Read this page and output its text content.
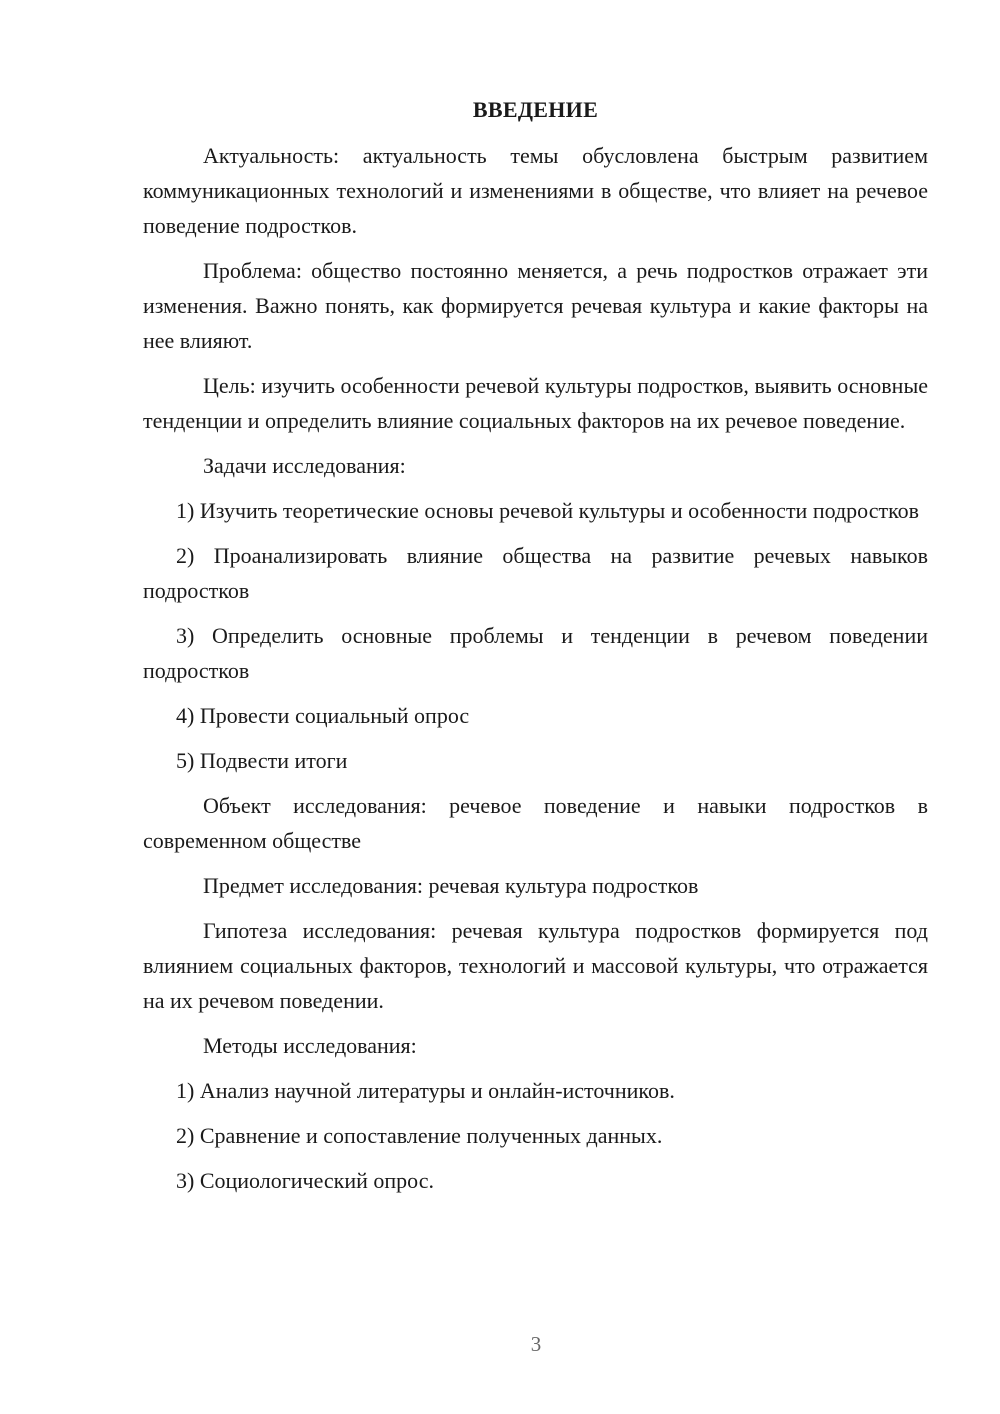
ВВЕДЕНИЕ

Актуальность: актуальность темы обусловлена быстрым развитием коммуникационных технологий и изменениями в обществе, что влияет на речевое поведение подростков.

Проблема: общество постоянно меняется, а речь подростков отражает эти изменения. Важно понять, как формируется речевая культура и какие факторы на нее влияют.

Цель: изучить особенности речевой культуры подростков, выявить основные тенденции и определить влияние социальных факторов на их речевое поведение.

Задачи исследования:

1) Изучить теоретические основы речевой культуры и особенности подростков

2) Проанализировать влияние общества на развитие речевых навыков подростков

3) Определить основные проблемы и тенденции в речевом поведении подростков

4) Провести социальный опрос

5) Подвести итоги

Объект исследования: речевое поведение и навыки подростков в современном обществе

Предмет исследования: речевая культура подростков

Гипотеза исследования: речевая культура подростков формируется под влиянием социальных факторов, технологий и массовой культуры, что отражается на их речевом поведении.

Методы исследования:

1) Анализ научной литературы и онлайн-источников.

2) Сравнение и сопоставление полученных данных.

3) Социологический опрос.

3
